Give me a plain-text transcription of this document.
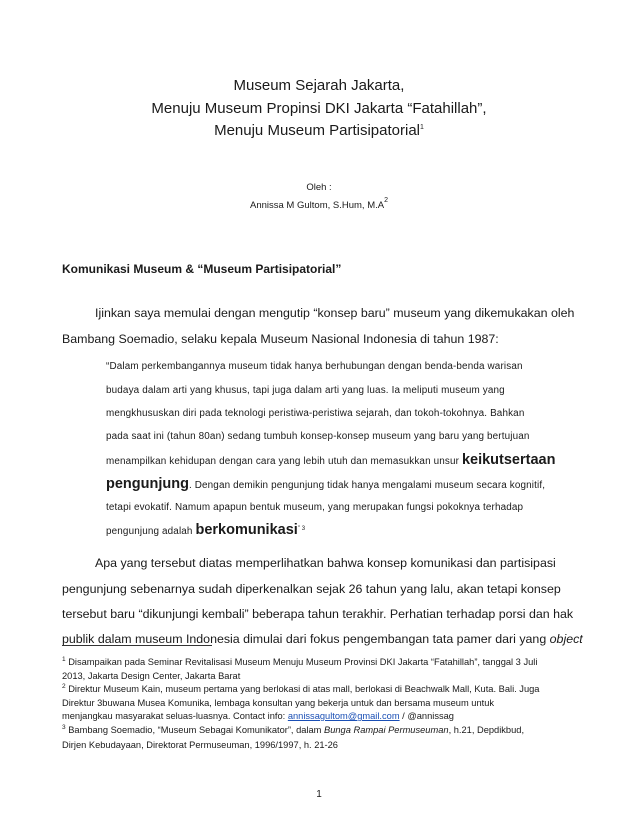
Museum Sejarah Jakarta,
Menuju Museum Propinsi DKI Jakarta “Fatahillah”,
Menuju Museum Partisipatorial$^1$
Oleh :
Annissa M Gultom, S.Hum, $M.A^2$
Komunikasi Museum & “Museum Partisipatorial”
Ijinkan saya memulai dengan mengutip “konsep baru” museum yang dikemukakan oleh
Bambang Soemadio, selaku kepala Museum Nasional Indonesia di tahun 1987:
“Dalam perkembangannya museum tidak hanya berhubungan dengan benda-benda warisan
budaya dalam arti yang khusus, tapi juga dalam arti yang luas. Ia meliputi museum yang
mengkhususkan diri pada teknologi peristiwa-peristiwa sejarah, dan tokoh-tokohnya. Bahkan
pada saat ini (tahun 80an) sedang tumbuh konsep-konsep museum yang baru yang bertujuan
menampilkan kehidupan dengan cara yang lebih utuh dan memasukkan unsur keikutsertaan
pengunjung. Dengan demikin pengunjung tidak hanya mengalami museum secara kognitif,
tetapi evokatif. Namum apapun bentuk museum, yang merupakan fungsi pokoknya terhadap
pengunjung adalah berkomunikasi$^{” 3}$
Apa yang tersebut diatas memperlihatkan bahwa konsep komunikasi dan partisipasi
pengunjung sebenarnya sudah diperkenalkan sejak 26 tahun yang lalu, akan tetapi konsep
tersebut baru “dikunjungi kembali” beberapa tahun terakhir. Perhatian terhadap porsi dan hak
publik dalam museum Indonesia dimulai dari fokus pengembangan tata pamer dari yang object
$^1$ Disampaikan pada Seminar Revitalisasi Museum Menuju Museum Provinsi DKI Jakarta “Fatahillah”, tanggal 3 Juli
2013, Jakarta Design Center, Jakarta Barat
$^2$ Direktur Museum Kain, museum pertama yang berlokasi di atas mall, berlokasi di Beachwalk Mall, Kuta. Bali. Juga
Direktur 3buwana Musea Komunika, lembaga konsultan yang bekerja untuk dan bersama museum untuk
menjangkau masyarakat seluas-luasnya. Contact info: annissagultom@gmail.com / @annissag
$^3$ Bambang Soemadio, “Museum Sebagai Komunikator”, dalam Bunga Rampai Permuseuman, h.21, Depdikbud,
Dirjen Kebudayaan, Direktorat Permuseuman, 1996/1997, h. 21-26
1
